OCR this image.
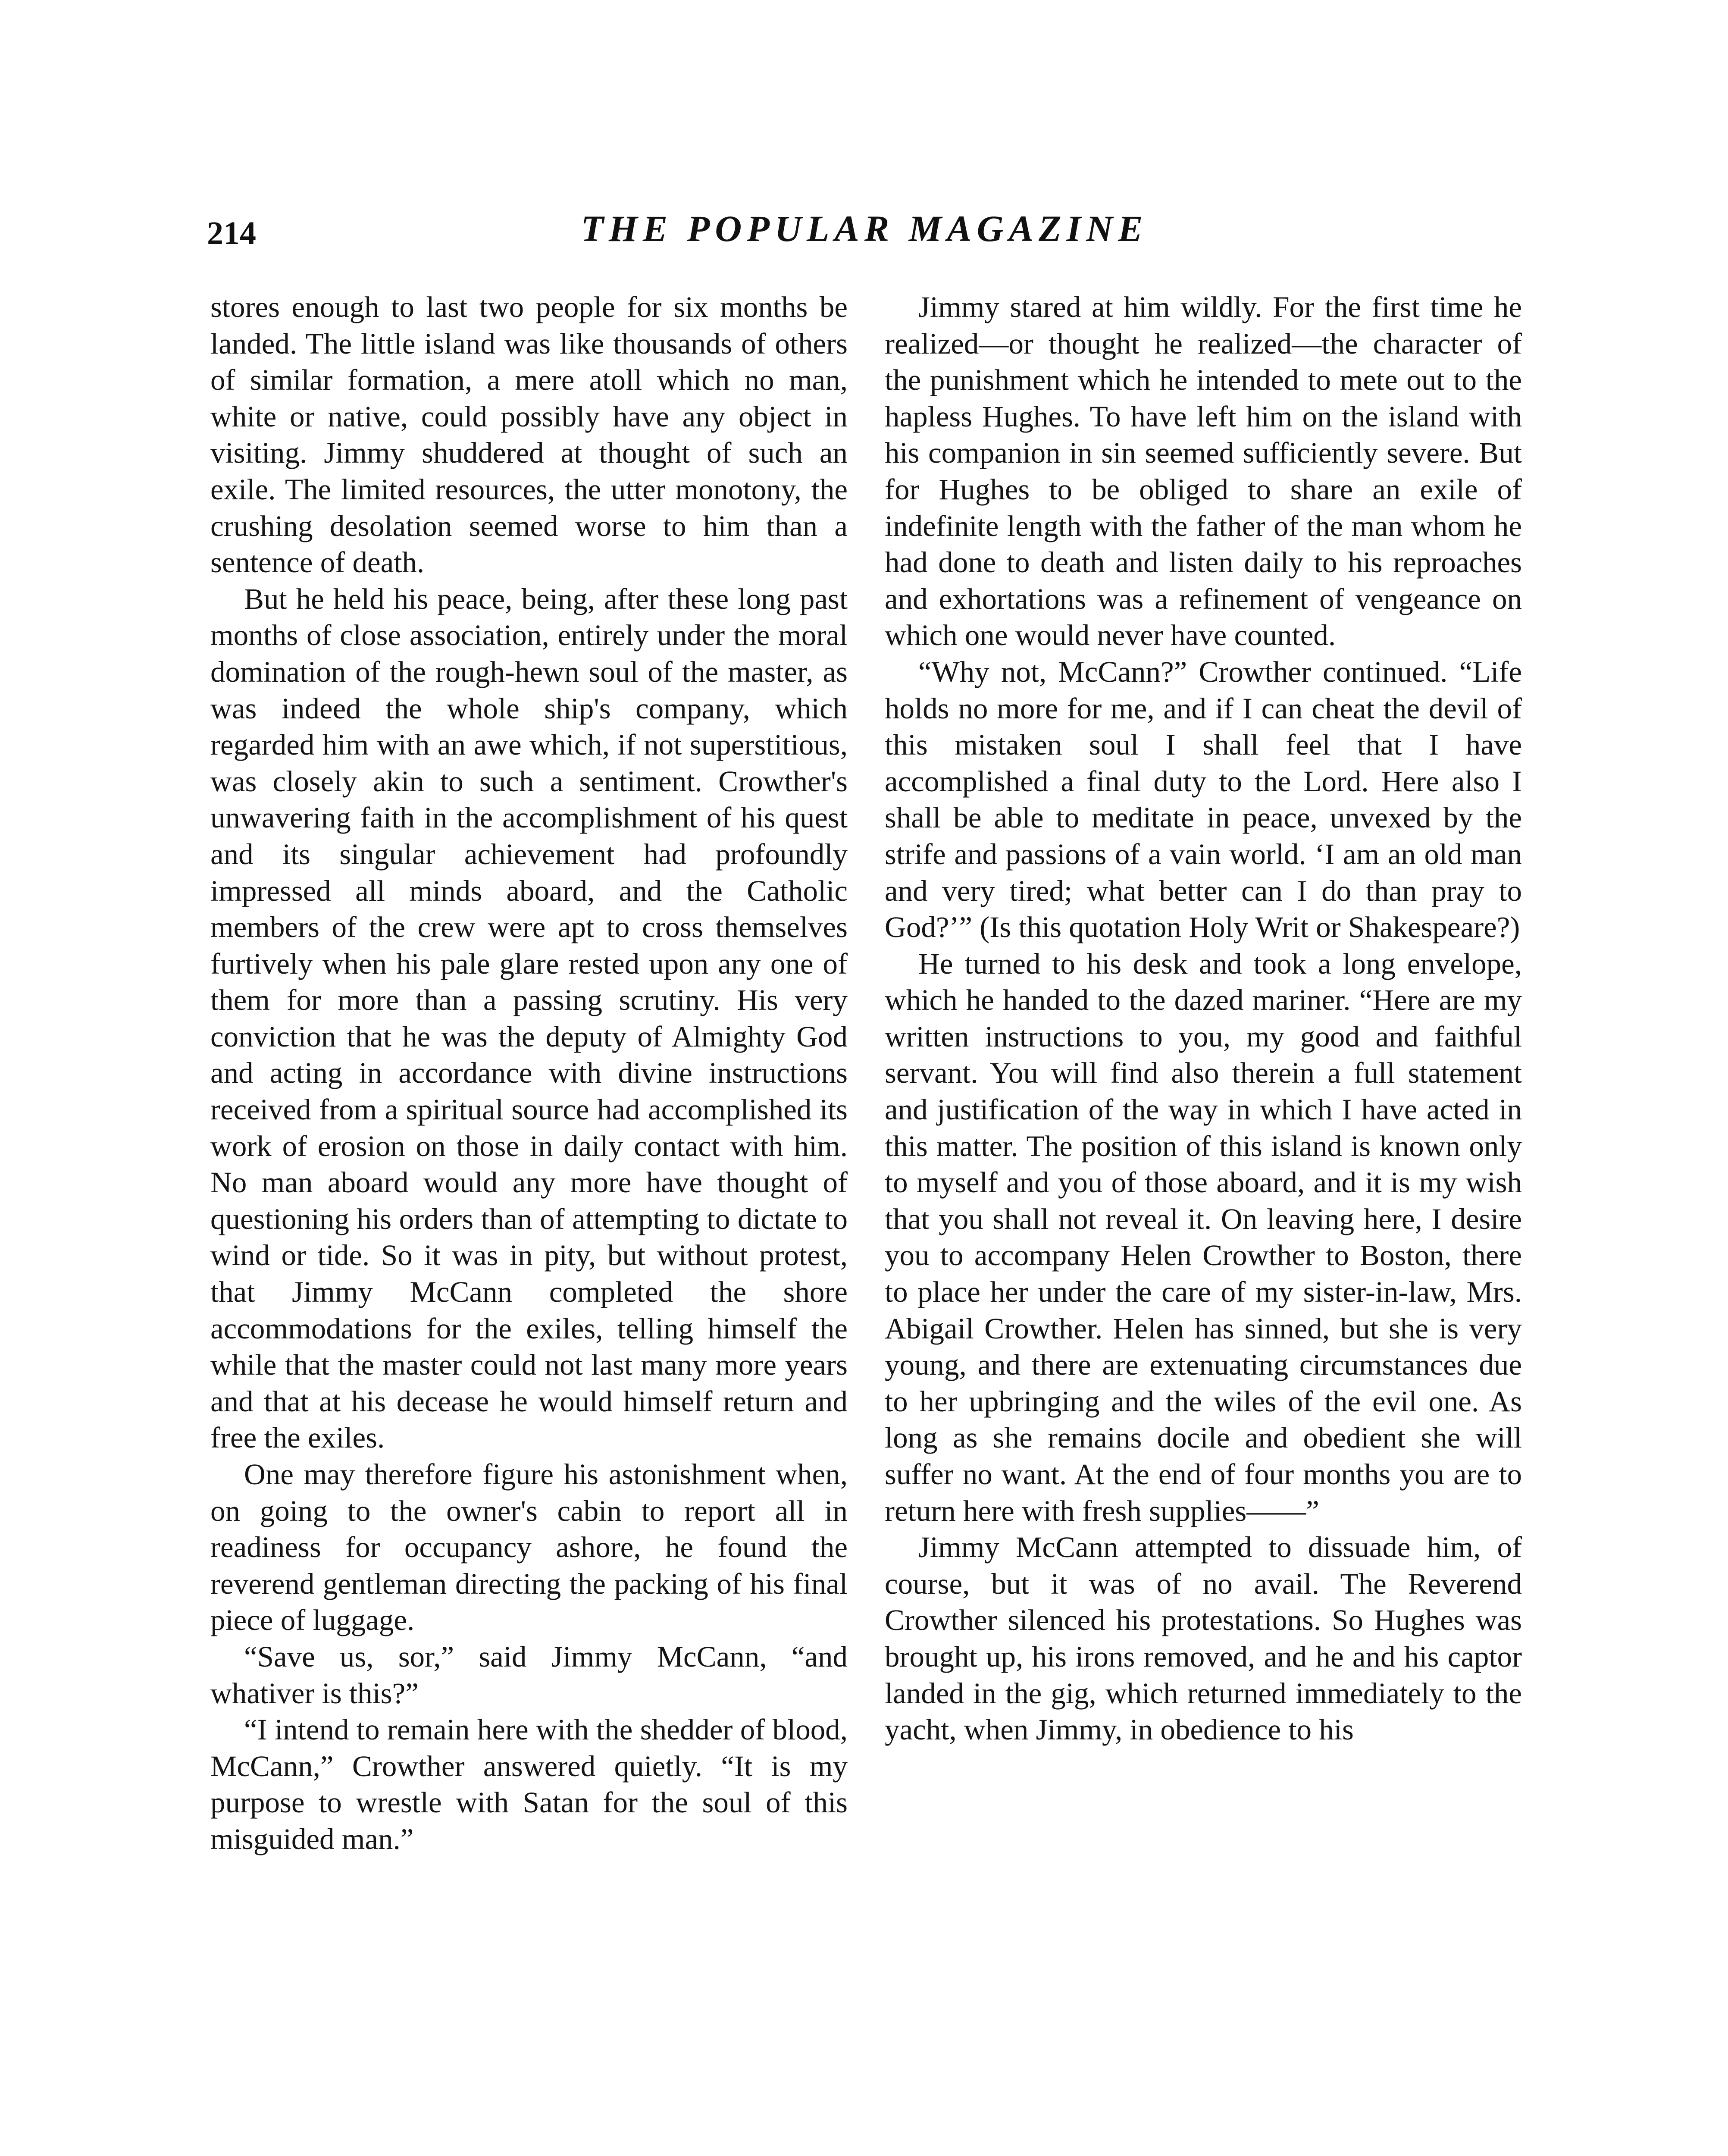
214	THE POPULAR MAGAZINE

stores enough to last two people for six months be landed. The little island was like thousands of others of similar formation, a mere atoll which no man, white or native, could possibly have any object in visiting. Jimmy shuddered at thought of such an exile. The limited resources, the utter monotony, the crushing desolation seemed worse to him than a sentence of death.

But he held his peace, being, after these long past months of close association, entirely under the moral domination of the rough-hewn soul of the master, as was indeed the whole ship's company, which regarded him with an awe which, if not superstitious, was closely akin to such a sentiment. Crowther's unwavering faith in the accomplishment of his quest and its singular achievement had profoundly impressed all minds aboard, and the Catholic members of the crew were apt to cross themselves furtively when his pale glare rested upon any one of them for more than a passing scrutiny. His very conviction that he was the deputy of Almighty God and acting in accordance with divine instructions received from a spiritual source had accomplished its work of erosion on those in daily contact with him. No man aboard would any more have thought of questioning his orders than of attempting to dictate to wind or tide. So it was in pity, but without protest, that Jimmy McCann completed the shore accommodations for the exiles, telling himself the while that the master could not last many more years and that at his decease he would himself return and free the exiles.

One may therefore figure his astonishment when, on going to the owner's cabin to report all in readiness for occupancy ashore, he found the reverend gentleman directing the packing of his final piece of luggage.

“Save us, sor,” said Jimmy McCann, “and whativer is this?”

“I intend to remain here with the shedder of blood, McCann,” Crowther answered quietly. “It is my purpose to wrestle with Satan for the soul of this misguided man.”

Jimmy stared at him wildly. For the first time he realized—or thought he realized—the character of the punishment which he intended to mete out to the hapless Hughes. To have left him on the island with his companion in sin seemed sufficiently severe. But for Hughes to be obliged to share an exile of indefinite length with the father of the man whom he had done to death and listen daily to his reproaches and exhortations was a refinement of vengeance on which one would never have counted.

“Why not, McCann?” Crowther continued. “Life holds no more for me, and if I can cheat the devil of this mistaken soul I shall feel that I have accomplished a final duty to the Lord. Here also I shall be able to meditate in peace, unvexed by the strife and passions of a vain world. ‘I am an old man and very tired; what better can I do than pray to God?’” (Is this quotation Holy Writ or Shakespeare?)

He turned to his desk and took a long envelope, which he handed to the dazed mariner. “Here are my written instructions to you, my good and faithful servant. You will find also therein a full statement and justification of the way in which I have acted in this matter. The position of this island is known only to myself and you of those aboard, and it is my wish that you shall not reveal it. On leaving here, I desire you to accompany Helen Crowther to Boston, there to place her under the care of my sister-in-law, Mrs. Abigail Crowther. Helen has sinned, but she is very young, and there are extenuating circumstances due to her upbringing and the wiles of the evil one. As long as she remains docile and obedient she will suffer no want. At the end of four months you are to return here with fresh supplies——”

Jimmy McCann attempted to dissuade him, of course, but it was of no avail. The Reverend Crowther silenced his protestations. So Hughes was brought up, his irons removed, and he and his captor landed in the gig, which returned immediately to the yacht, when Jimmy, in obedience to his
